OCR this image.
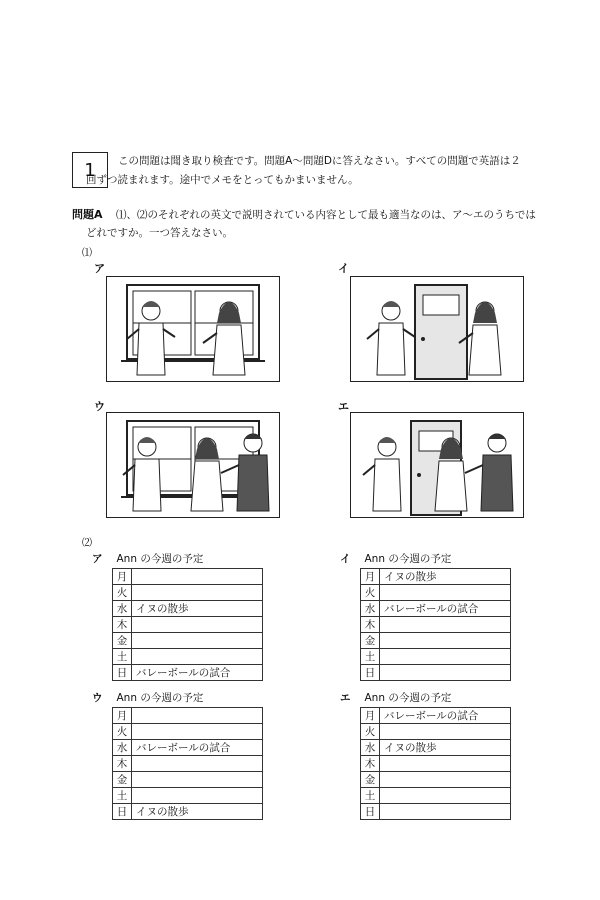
1 この問題は聞き取り検査です。問題A～問題Dに答えなさい。すべての問題で英語は２
回ずつ読まれます。途中でメモをとってもかまいません。
問題A ⑴、⑵のそれぞれの英文で説明されている内容として最も適当なのは、ア～エのうちでは
どれですか。一つ答えなさい。
⑴
ア	イ
ウ	エ
⑵
ア Ann の今週の予定
月	
火	
水	イヌの散歩
木	
金	
土	
日	バレーボールの試合
イ Ann の今週の予定
月	イヌの散歩
火	
水	バレーボールの試合
木	
金	
土	
日	
ウ Ann の今週の予定
月	
火	
水	バレーボールの試合
木	
金	
土	
日	イヌの散歩
エ Ann の今週の予定
月	バレーボールの試合
火	
水	イヌの散歩
木	
金	
土	
日	
